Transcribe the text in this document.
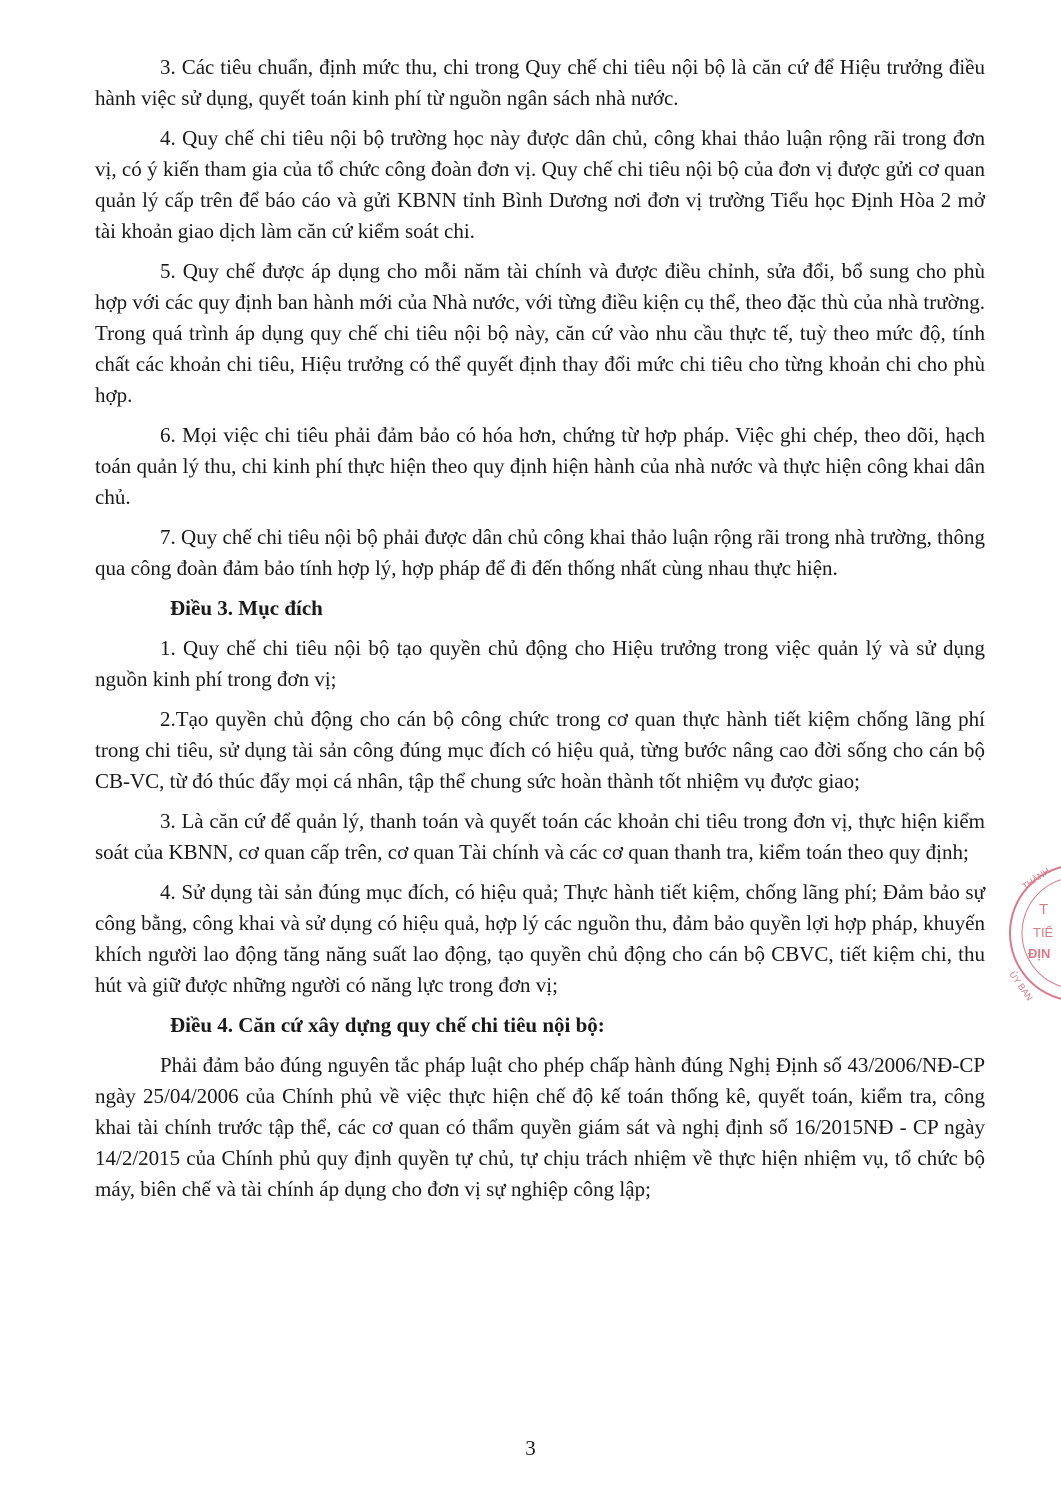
3. Các tiêu chuẩn, định mức thu, chi trong Quy chế chi tiêu nội bộ là căn cứ để Hiệu trưởng điều hành việc sử dụng, quyết toán kinh phí từ nguồn ngân sách nhà nước.

4. Quy chế chi tiêu nội bộ trường học này được dân chủ, công khai thảo luận rộng rãi trong đơn vị, có ý kiến tham gia của tổ chức công đoàn đơn vị. Quy chế chi tiêu nội bộ của đơn vị được gửi cơ quan quản lý cấp trên để báo cáo và gửi KBNN tỉnh Bình Dương nơi đơn vị trường Tiểu học Định Hòa 2 mở tài khoản giao dịch làm căn cứ kiểm soát chi.

5. Quy chế được áp dụng cho mỗi năm tài chính và được điều chỉnh, sửa đổi, bổ sung cho phù hợp với các quy định ban hành mới của Nhà nước, với từng điều kiện cụ thể, theo đặc thù của nhà trường. Trong quá trình áp dụng quy chế chi tiêu nội bộ này, căn cứ vào nhu cầu thực tế, tuỳ theo mức độ, tính chất các khoản chi tiêu, Hiệu trưởng có thể quyết định thay đổi mức chi tiêu cho từng khoản chi cho phù hợp.

6. Mọi việc chi tiêu phải đảm bảo có hóa hơn, chứng từ hợp pháp. Việc ghi chép, theo dõi, hạch toán quản lý thu, chi kinh phí thực hiện theo quy định hiện hành của nhà nước và thực hiện công khai dân chủ.

7. Quy chế chi tiêu nội bộ phải được dân chủ công khai thảo luận rộng rãi trong nhà trường, thông qua công đoàn đảm bảo tính hợp lý, hợp pháp để đi đến thống nhất cùng nhau thực hiện.

Điều 3. Mục đích

1. Quy chế chi tiêu nội bộ tạo quyền chủ động cho Hiệu trưởng trong việc quản lý và sử dụng nguồn kinh phí trong đơn vị;

2.Tạo quyền chủ động cho cán bộ công chức trong cơ quan thực hành tiết kiệm chống lãng phí trong chi tiêu, sử dụng tài sản công đúng mục đích có hiệu quả, từng bước nâng cao đời sống cho cán bộ CB-VC, từ đó thúc đẩy mọi cá nhân, tập thể chung sức hoàn thành tốt nhiệm vụ được giao;

3. Là căn cứ để quản lý, thanh toán và quyết toán các khoản chi tiêu trong đơn vị, thực hiện kiểm soát của KBNN, cơ quan cấp trên, cơ quan Tài chính và các cơ quan thanh tra, kiểm toán theo quy định;

4. Sử dụng tài sản đúng mục đích, có hiệu quả; Thực hành tiết kiệm, chống lãng phí; Đảm bảo sự công bằng, công khai và sử dụng có hiệu quả, hợp lý các nguồn thu, đảm bảo quyền lợi hợp pháp, khuyến khích người lao động tăng năng suất lao động, tạo quyền chủ động cho cán bộ CBVC, tiết kiệm chi, thu hút và giữ được những người có năng lực trong đơn vị;

Điều 4. Căn cứ xây dựng quy chế chi tiêu nội bộ:

Phải đảm bảo đúng nguyên tắc pháp luật cho phép chấp hành đúng Nghị Định số 43/2006/NĐ-CP ngày 25/04/2006 của Chính phủ về việc thực hiện chế độ kế toán thống kê, quyết toán, kiểm tra, công khai tài chính trước tập thể, các cơ quan có thẩm quyền giám sát và nghị định số 16/2015NĐ - CP ngày 14/2/2015 của Chính phủ quy định quyền tự chủ, tự chịu trách nhiệm về thực hiện nhiệm vụ, tổ chức bộ máy, biên chế và tài chính áp dụng cho đơn vị sự nghiệp công lập;

3
THÀNH
T
TIỂ
ĐỊN
ỦY BAN
